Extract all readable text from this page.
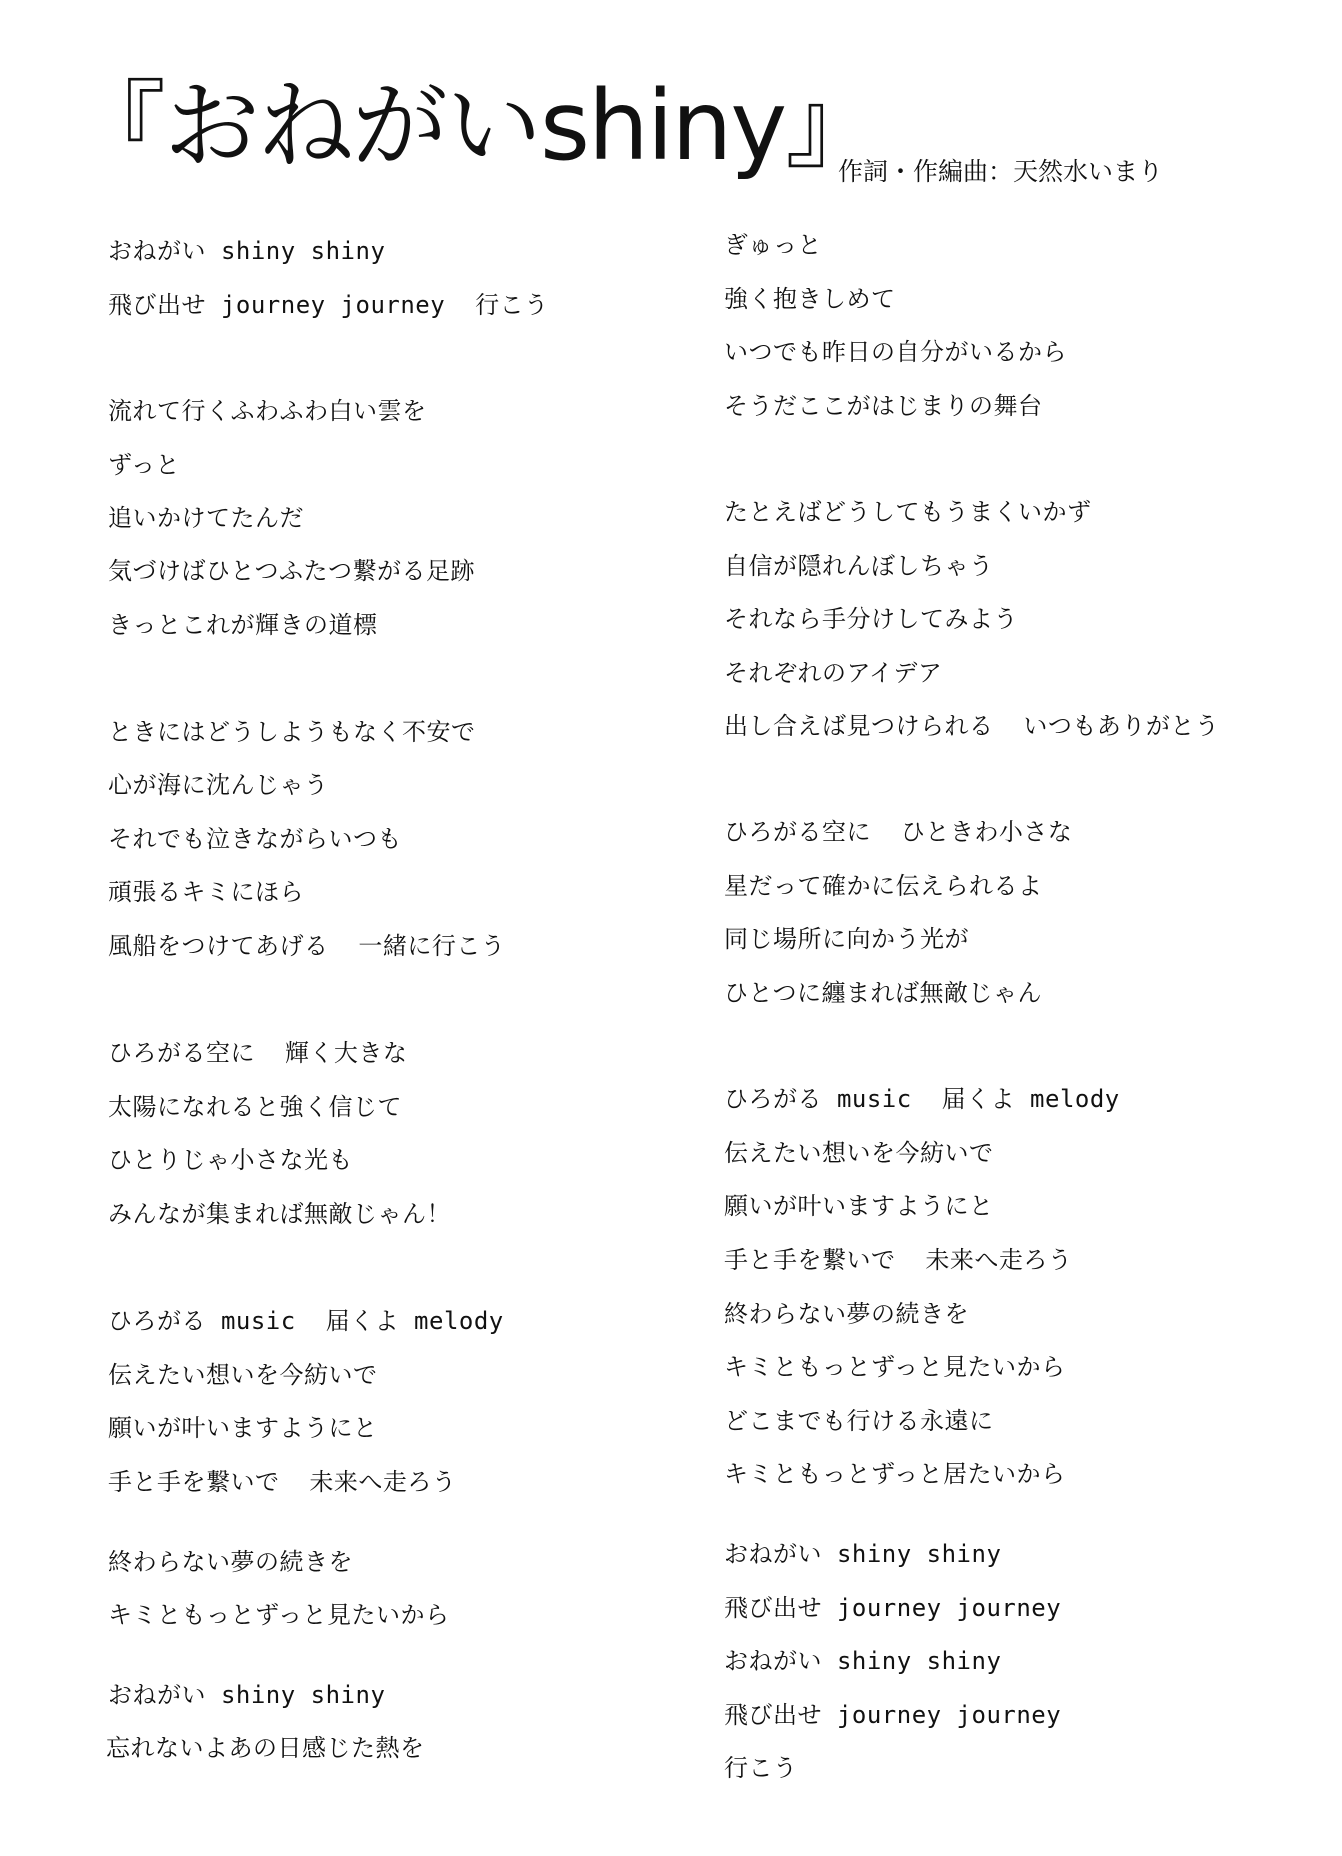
『おねがいshiny』
作詞・作編曲：天然水いまり
おねがい shiny shiny
飛び出せ journey journey  行こう
流れて行くふわふわ白い雲を
ずっと
追いかけてたんだ
気づけばひとつふたつ繋がる足跡
きっとこれが輝きの道標
ときにはどうしようもなく不安で
心が海に沈んじゃう
それでも泣きながらいつも
頑張るキミにほら
風船をつけてあげる  一緒に行こう
ひろがる空に  輝く大きな
太陽になれると強く信じて
ひとりじゃ小さな光も
みんなが集まれば無敵じゃん！
ひろがる music  届くよ melody
伝えたい想いを今紡いで
願いが叶いますようにと
手と手を繋いで  未来へ走ろう
終わらない夢の続きを
キミともっとずっと見たいから
おねがい shiny shiny
忘れないよあの日感じた熱を
ぎゅっと
強く抱きしめて
いつでも昨日の自分がいるから
そうだここがはじまりの舞台
たとえばどうしてもうまくいかず
自信が隠れんぼしちゃう
それなら手分けしてみよう
それぞれのアイデア
出し合えば見つけられる  いつもありがとう
ひろがる空に  ひときわ小さな
星だって確かに伝えられるよ
同じ場所に向かう光が
ひとつに纏まれば無敵じゃん
ひろがる music  届くよ melody
伝えたい想いを今紡いで
願いが叶いますようにと
手と手を繋いで  未来へ走ろう
終わらない夢の続きを
キミともっとずっと見たいから
どこまでも行ける永遠に
キミともっとずっと居たいから
おねがい shiny shiny
飛び出せ journey journey
おねがい shiny shiny
飛び出せ journey journey
行こう
